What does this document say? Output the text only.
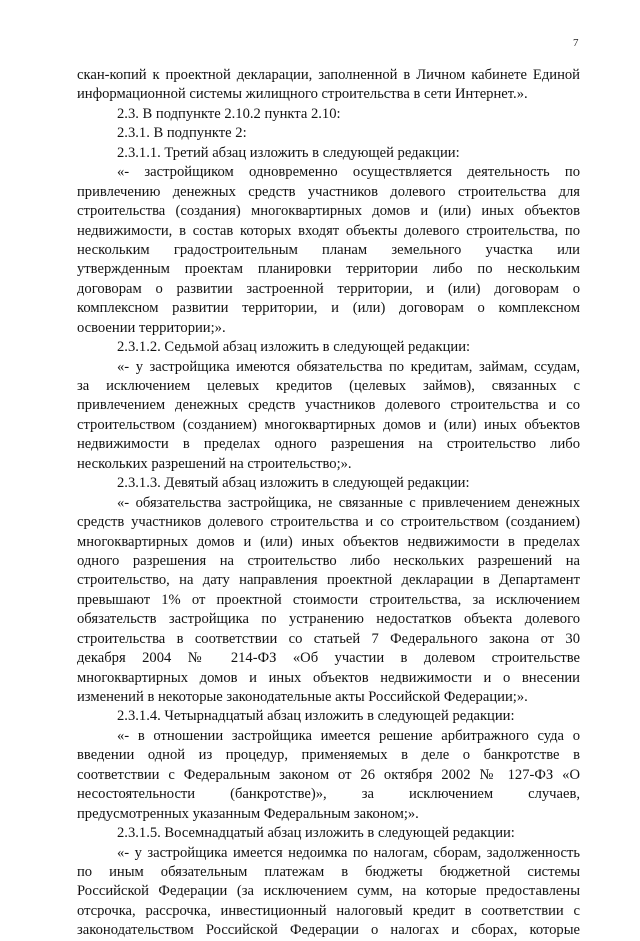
7
скан-копий к проектной декларации, заполненной в Личном кабинете Единой
информационной системы жилищного строительства в сети Интернет.».
2.3. В подпункте 2.10.2 пункта 2.10:
2.3.1. В подпункте 2:
2.3.1.1. Третий абзац изложить в следующей редакции:
«- застройщиком одновременно осуществляется деятельность по
привлечению денежных средств участников долевого строительства для
строительства (создания) многоквартирных домов и (или) иных объектов
недвижимости, в состав которых входят объекты долевого строительства, по
нескольким градостроительным планам земельного участка или
утвержденным проектам планировки территории либо по нескольким
договорам о развитии застроенной территории, и (или) договорам о
комплексном развитии территории, и (или) договорам о комплексном
освоении территории;».
2.3.1.2. Седьмой абзац изложить в следующей редакции:
«- у застройщика имеются обязательства по кредитам, займам, ссудам,
за исключением целевых кредитов (целевых займов), связанных с
привлечением денежных средств участников долевого строительства и со
строительством (созданием) многоквартирных домов и (или) иных объектов
недвижимости в пределах одного разрешения на строительство либо
нескольких разрешений на строительство;».
2.3.1.3. Девятый абзац изложить в следующей редакции:
«- обязательства застройщика, не связанные с привлечением денежных
средств участников долевого строительства и со строительством (созданием)
многоквартирных домов и (или) иных объектов недвижимости в пределах
одного разрешения на строительство либо нескольких разрешений на
строительство, на дату направления проектной декларации в Департамент
превышают 1% от проектной стоимости строительства, за исключением
обязательств застройщика по устранению недостатков объекта долевого
строительства в соответствии со статьей 7 Федерального закона от 30
декабря 2004 № 214-ФЗ «Об участии в долевом строительстве
многоквартирных домов и иных объектов недвижимости и о внесении
изменений в некоторые законодательные акты Российской Федерации;».
2.3.1.4. Четырнадцатый абзац изложить в следующей редакции:
«- в отношении застройщика имеется решение арбитражного суда о
введении одной из процедур, применяемых в деле о банкротстве в
соответствии с Федеральным законом от 26 октября 2002 № 127-ФЗ «О
несостоятельности (банкротстве)», за исключением случаев,
предусмотренных указанным Федеральным законом;».
2.3.1.5. Восемнадцатый абзац изложить в следующей редакции:
«- у застройщика имеется недоимка по налогам, сборам, задолженность
по иным обязательным платежам в бюджеты бюджетной системы
Российской Федерации (за исключением сумм, на которые предоставлены
отсрочка, рассрочка, инвестиционный налоговый кредит в соответствии с
законодательством Российской Федерации о налогах и сборах, которые
